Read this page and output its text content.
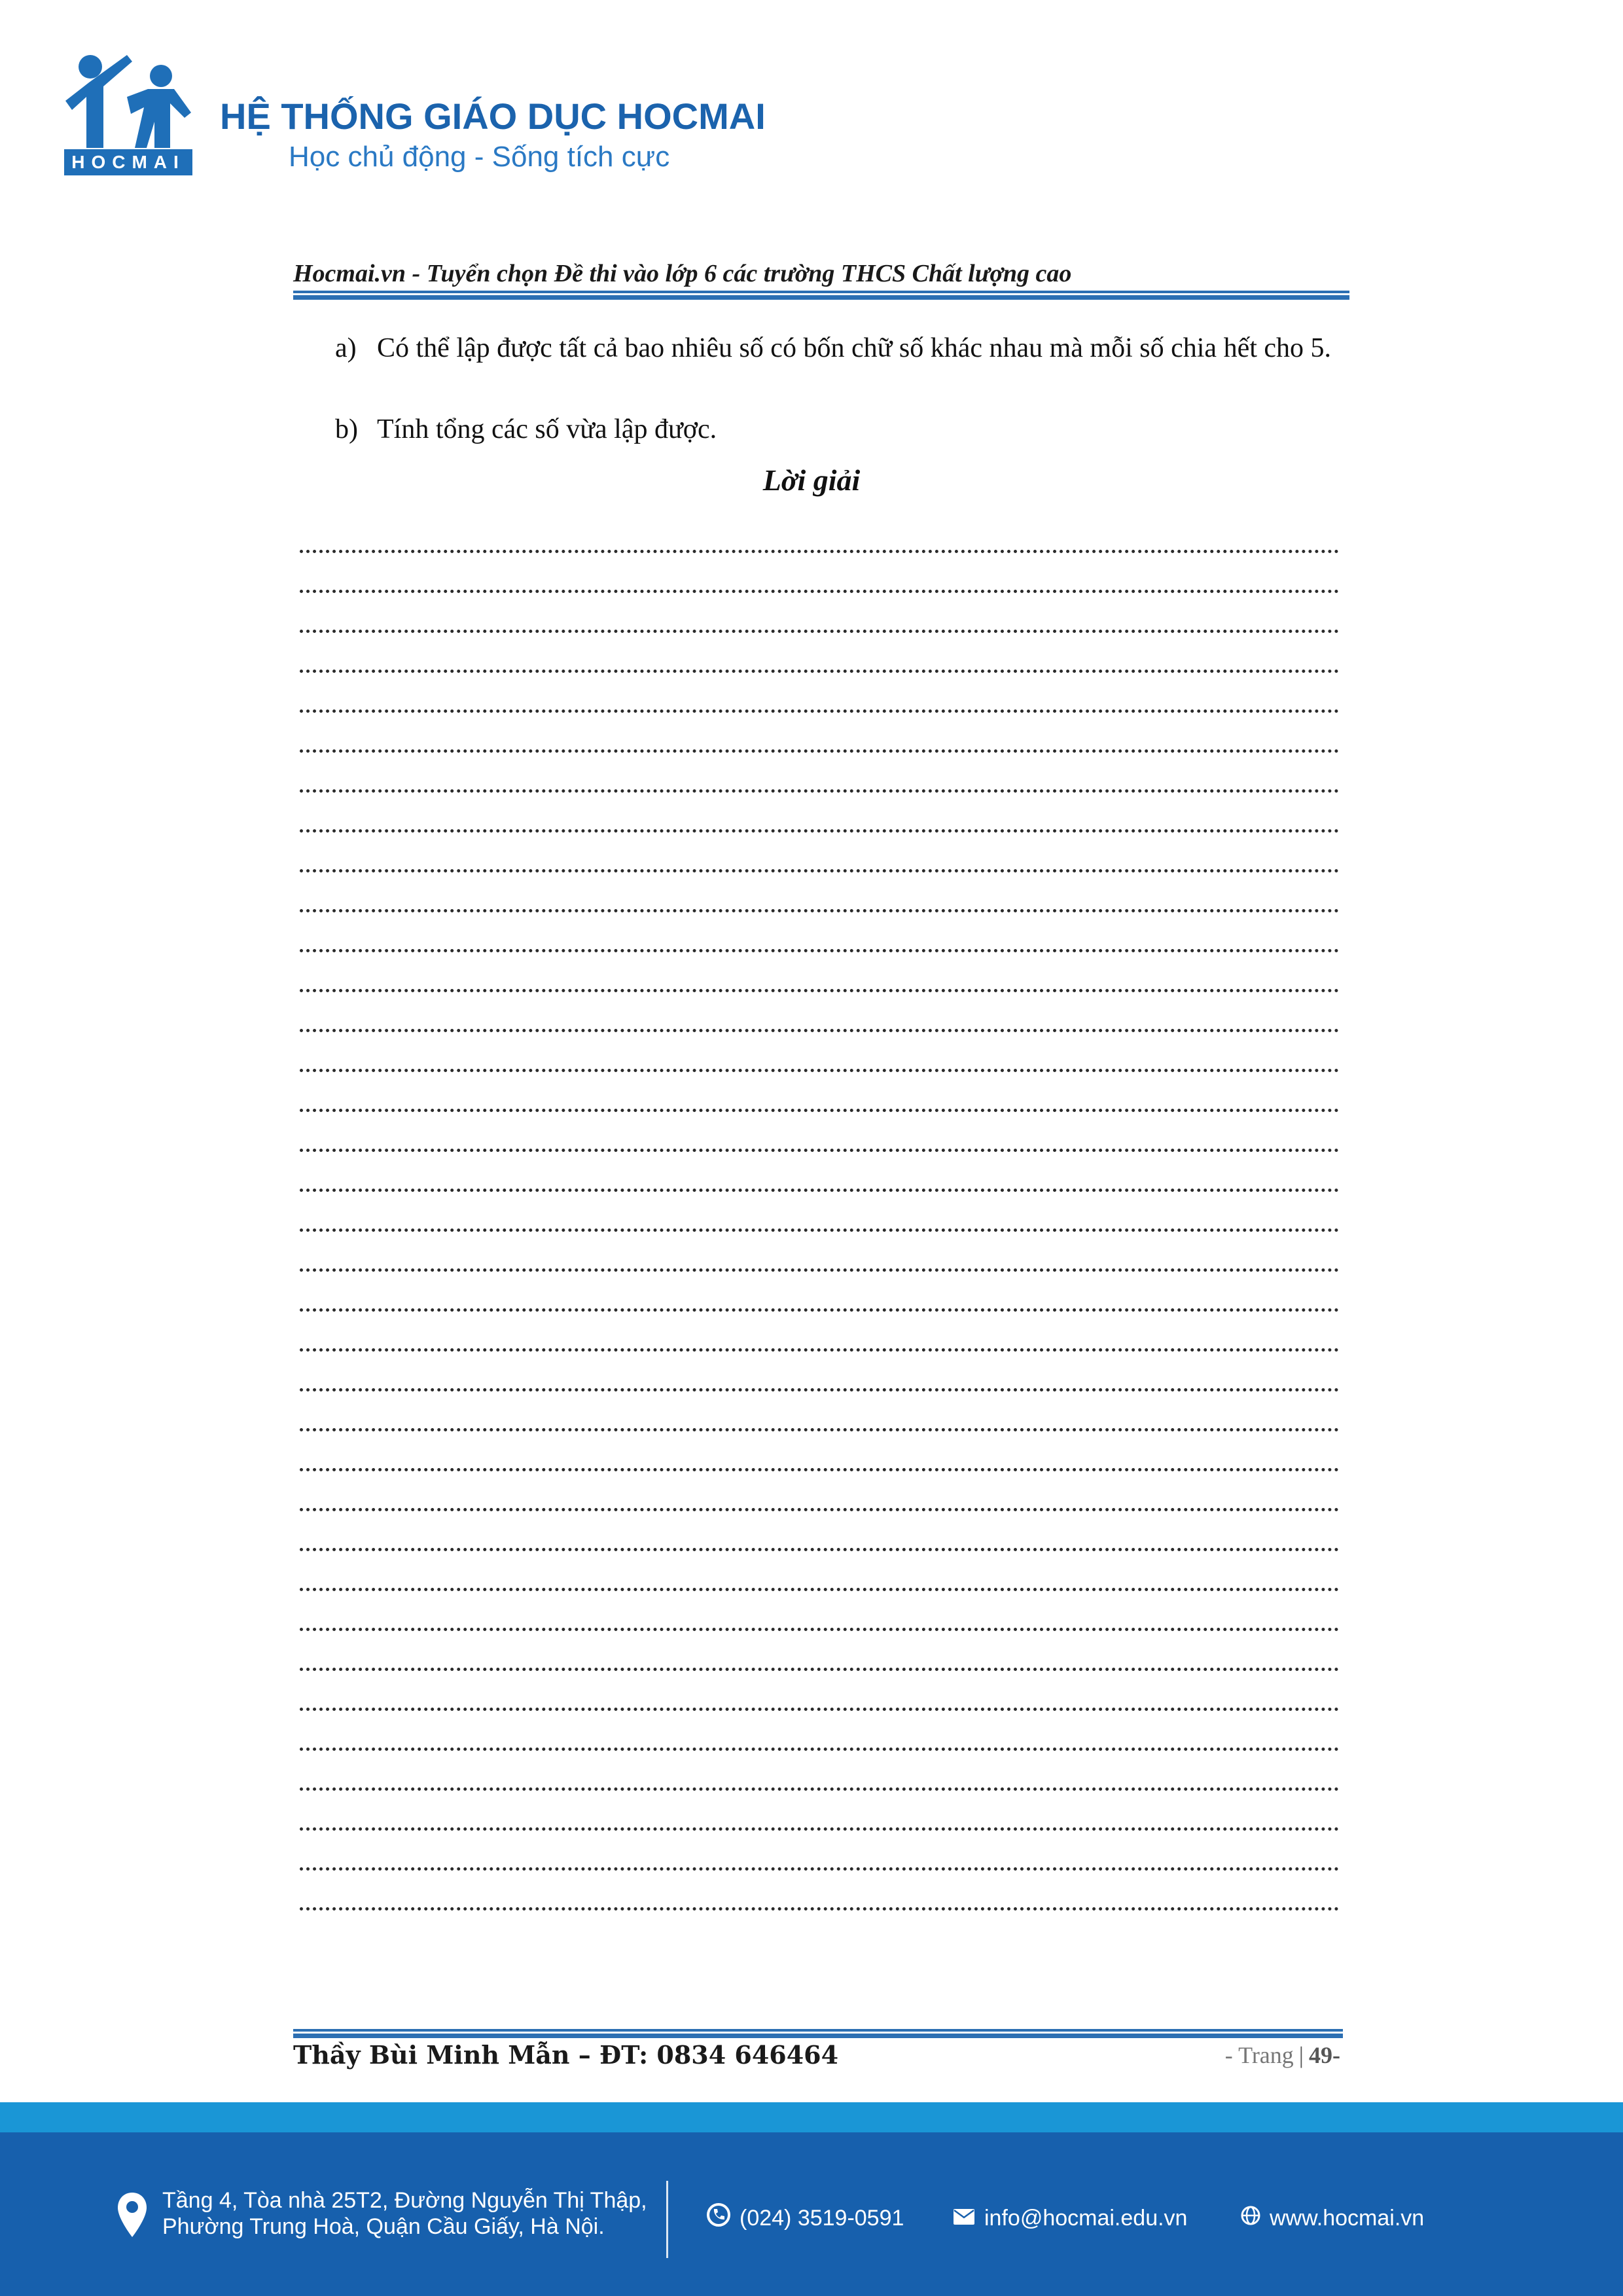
HOCMAI
HỆ THỐNG GIÁO DỤC HOCMAI
Học chủ động - Sống tích cực
Hocmai.vn - Tuyển chọn Đề thi vào lớp 6 các trường THCS Chất lượng cao
a) Có thể lập được tất cả bao nhiêu số có bốn chữ số khác nhau mà mỗi số chia hết cho 5.
b) Tính tổng các số vừa lập được.
Lời giải
Thầy Bùi Minh Mẫn – ĐT: 0834 646464	- Trang | 49-
Tầng 4, Tòa nhà 25T2, Đường Nguyễn Thị Thập,
Phường Trung Hoà, Quận Cầu Giấy, Hà Nội.	(024) 3519-0591	info@hocmai.edu.vn	www.hocmai.vn
